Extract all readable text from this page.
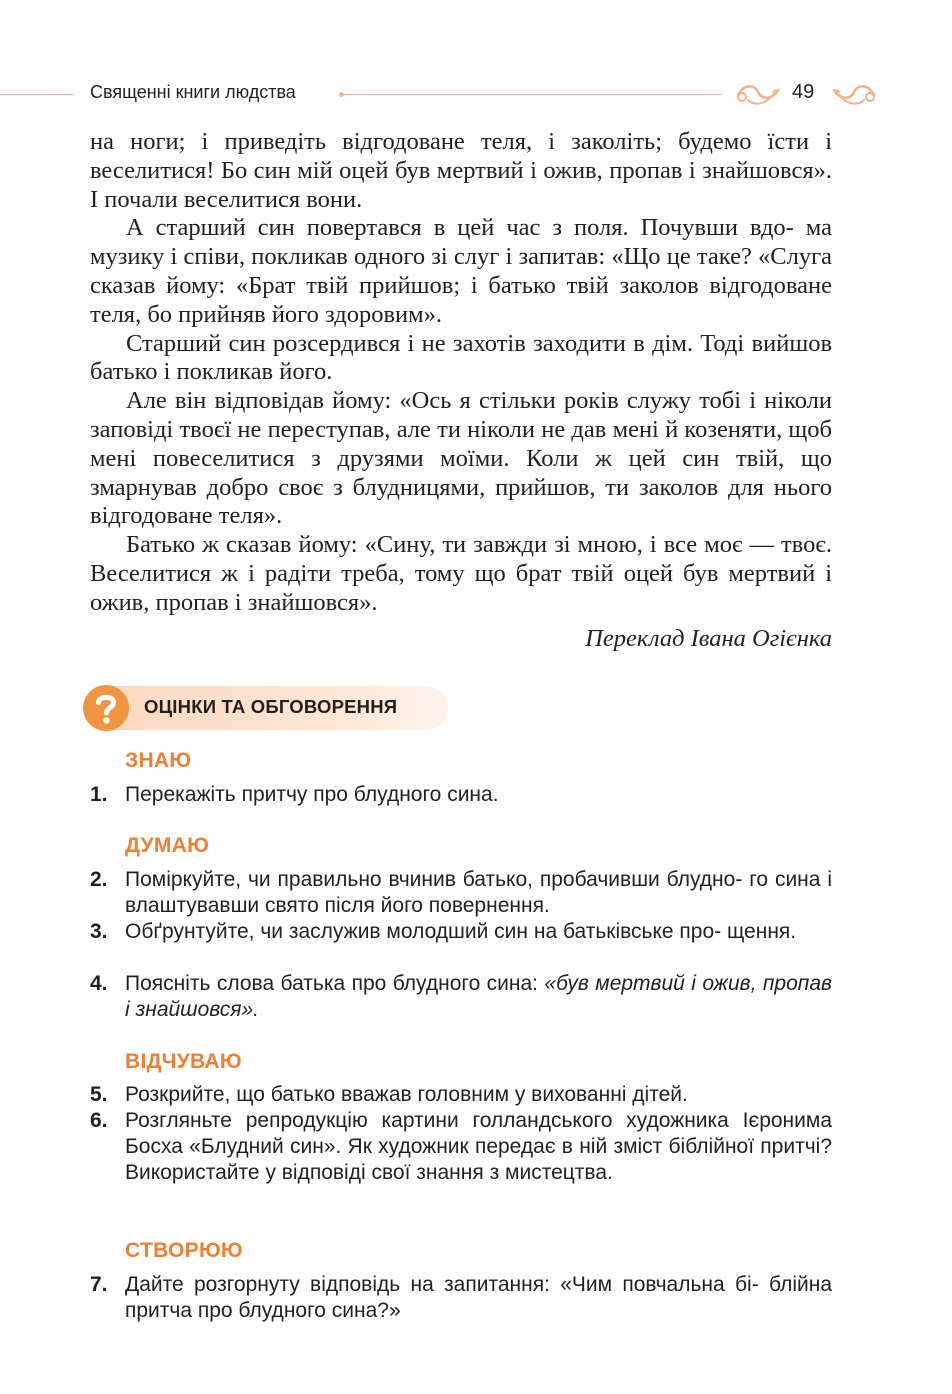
Священні книги людства	49

на ноги; і приведіть відгодоване теля, і заколіть; будемо їсти і веселитися! Бо син мій оцей був мертвий і ожив, пропав і знайшовся». І почали веселитися вони.

А старший син повертався в цей час з поля. Почувши вдо- ма музику і співи, покликав одного зі слуг і запитав: «Що це таке? «Слуга сказав йому: «Брат твій прийшов; і батько твій заколов відгодоване теля, бо прийняв його здоровим».

Старший син розсердився і не захотів заходити в дім. Тоді вийшов батько і покликав його.

Але він відповідав йому: «Ось я стільки років служу тобі і ніколи заповіді твоєї не переступав, але ти ніколи не дав мені й козеняти, щоб мені повеселитися з друзями моїми. Коли ж цей син твій, що змарнував добро своє з блудницями, прийшов, ти заколов для нього відгодоване теля».

Батько ж сказав йому: «Сину, ти завжди зі мною, і все моє — твоє. Веселитися ж і радіти треба, тому що брат твій оцей був мертвий і ожив, пропав і знайшовся».

Переклад Івана Огієнка
ОЦІНКИ ТА ОБГОВОРЕННЯ
ЗНАЮ
1. Перекажіть притчу про блудного сина.
ДУМАЮ
2. Поміркуйте, чи правильно вчинив батько, пробачивши блудно- го сина і влаштувавши свято після його повернення.
3. Обґрунтуйте, чи заслужив молодший син на батьківське про- щення.
4. Поясніть слова батька про блудного сина: «був мертвий і ожив, пропав і знайшовся».
ВІДЧУВАЮ
5. Розкрийте, що батько вважав головним у вихованні дітей.
6. Розгляньте репродукцію картини голландського художника Ієронима Босха «Блудний син». Як художник передає в ній зміст біблійної притчі? Використайте у відповіді свої знання з мистецтва.
СТВОРЮЮ
7. Дайте розгорнуту відповідь на запитання: «Чим повчальна бі- блійна притча про блудного сина?»
